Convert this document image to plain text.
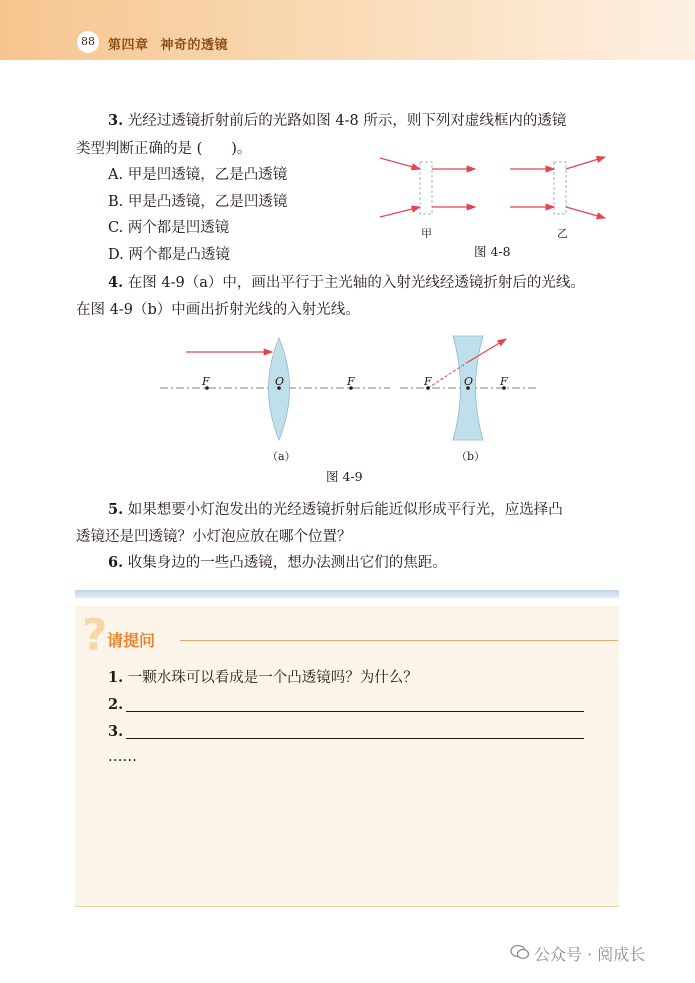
88	第四章 神奇的透镜
3. 光经过透镜折射前后的光路如图 4-8 所示，则下列对虚线框内的透镜
类型判断正确的是 (　　)。
A. 甲是凹透镜，乙是凸透镜
B. 甲是凸透镜，乙是凹透镜
C. 两个都是凹透镜
D. 两个都是凸透镜
甲	乙
图 4-8
4. 在图 4-9（a）中，画出平行于主光轴的入射光线经透镜折射后的光线。
在图 4-9（b）中画出折射光线的入射光线。
F	O	F	F	O F
（a）	（b）
图 4-9
5. 如果想要小灯泡发出的光经透镜折射后能近似形成平行光，应选择凸
透镜还是凹透镜？小灯泡应放在哪个位置？
6. 收集身边的一些凸透镜，想办法测出它们的焦距。
? 请提问
1. 一颗水珠可以看成是一个凸透镜吗？为什么？
2.
3.
……
公众号 · 阅成长
